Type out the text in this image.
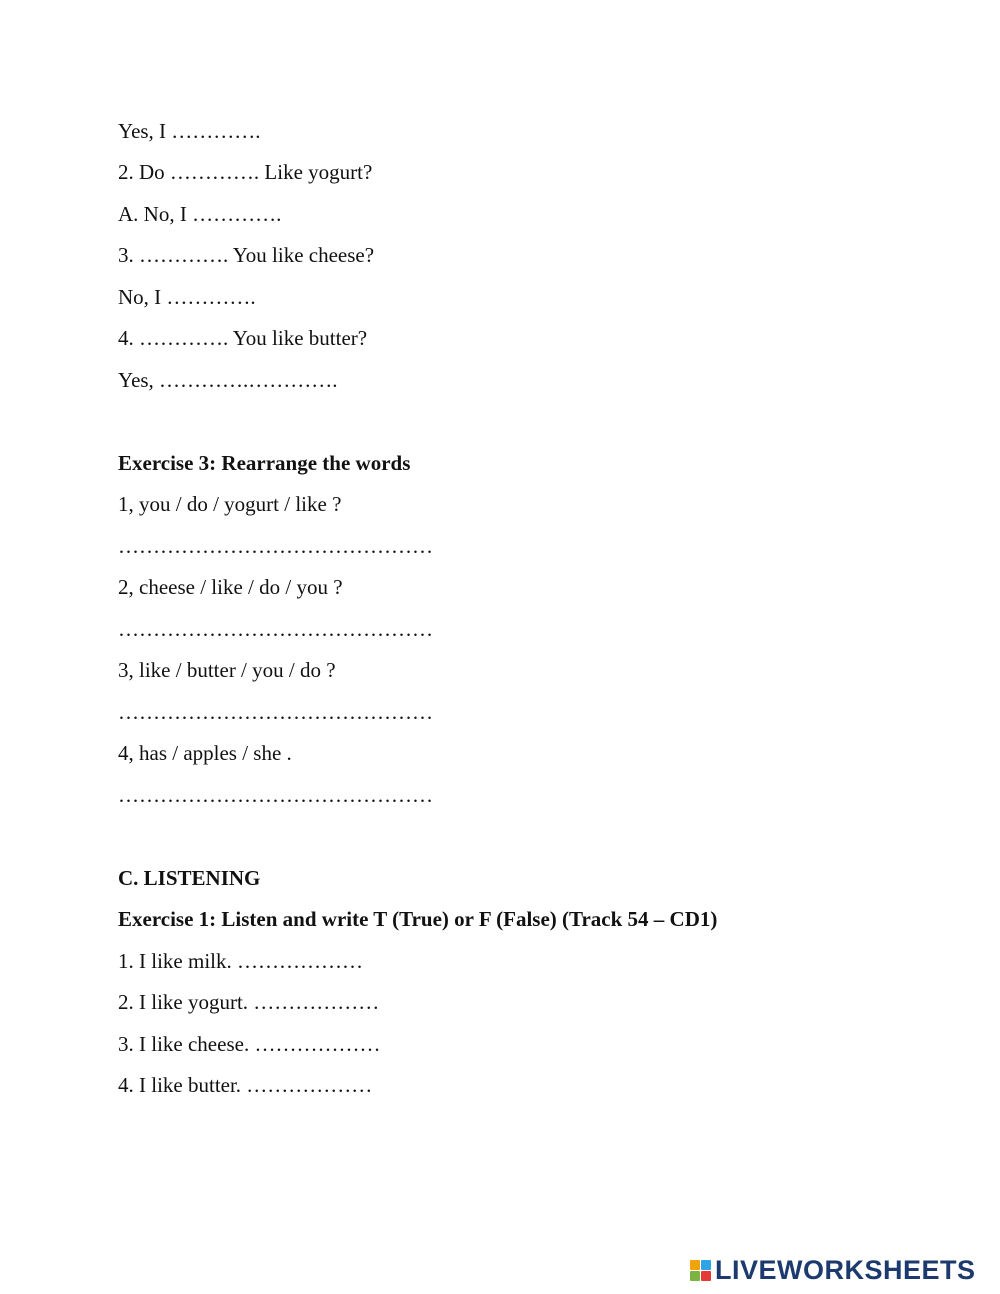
Yes, I ………….
2. Do …………. Like yogurt?
A. No, I ………….
3. …………. You like cheese?
No, I ………….
4. …………. You like butter?
Yes, ………….………….
Exercise 3: Rearrange the words
1, you / do / yogurt / like ?
………………………………………
2, cheese / like / do / you ?
………………………………………
3, like / butter / you / do ?
………………………………………
4, has / apples / she .
………………………………………
C. LISTENING
Exercise 1: Listen and write T (True) or F (False) (Track 54 – CD1)
1. I like milk. ………………
2. I like yogurt. ………………
3. I like cheese. ………………
4. I like butter. ………………
LIVEWORKSHEETS
